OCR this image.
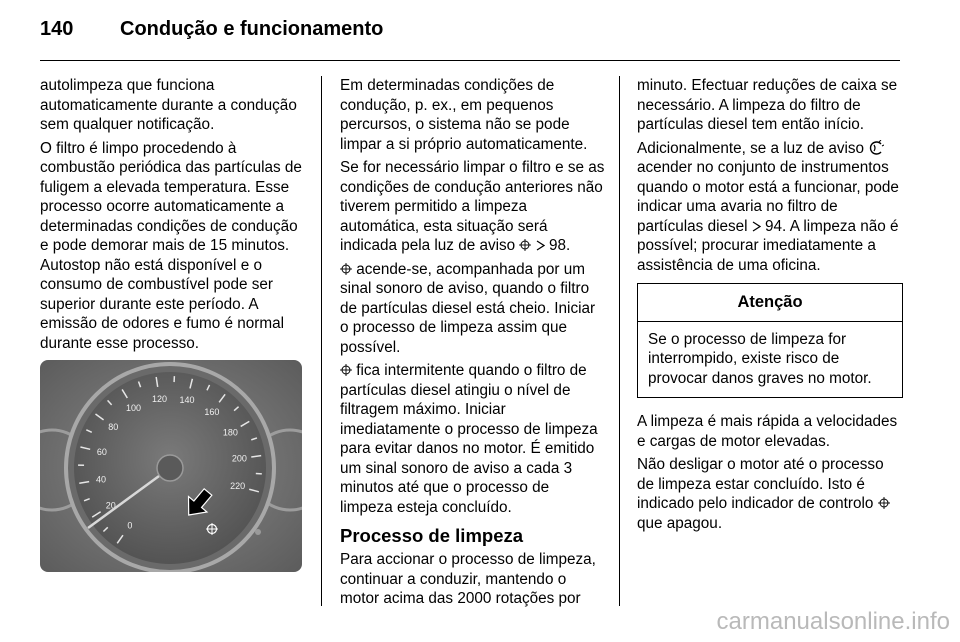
140 Condução e funcionamento

autolimpeza que funciona automaticamente durante a condução sem qualquer notificação.

O filtro é limpo procedendo à combustão periódica das partículas de fuligem a elevada temperatura. Esse processo ocorre automaticamente a determinadas condições de condução e pode demorar mais de 15 minutos. Autostop não está disponível e o consumo de combustível pode ser superior durante este período. A emissão de odores e fumo é normal durante esse processo.

0
20
40
60
80
100
120 140
160
180
200
220

Em determinadas condições de condução, p. ex., em pequenos percursos, o sistema não se pode limpar a si próprio automaticamente.

Se for necessário limpar o filtro e se as condições de condução anteriores não tiverem permitido a limpeza automática, esta situação será indicada pela luz de aviso 98.

acende-se, acompanhada por um sinal sonoro de aviso, quando o filtro de partículas diesel está cheio. Iniciar o processo de limpeza assim que possível.

fica intermitente quando o filtro de partículas diesel atingiu o nível de filtragem máximo. Iniciar imediatamente o processo de limpeza para evitar danos no motor. É emitido um sinal sonoro de aviso a cada 3 minutos até que o processo de limpeza esteja concluído.

Processo de limpeza

Para accionar o processo de limpeza, continuar a conduzir, mantendo o motor acima das 2000 rotações por

minuto. Efectuar reduções de caixa se necessário. A limpeza do filtro de partículas diesel tem então início.

Adicionalmente, se a luz de aviso  acender no conjunto de instrumentos quando o motor está a funcionar, pode indicar uma avaria no filtro de partículas diesel 94. A limpeza não é possível; procurar imediatamente a assistência de uma oficina.

Atenção
Se o processo de limpeza for interrompido, existe risco de provocar danos graves no motor.

A limpeza é mais rápida a velocidades e cargas de motor elevadas.

Não desligar o motor até o processo de limpeza estar concluído. Isto é indicado pelo indicador de controlo  que apagou.

carmanualsonline.info
